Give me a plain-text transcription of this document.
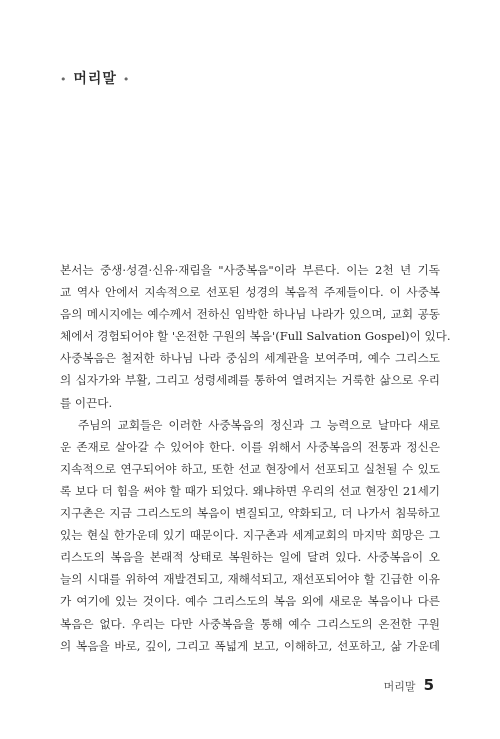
• 머리말 •
본서는 중생·성결·신유·재림을 "사중복음"이라 부른다. 이는 2천 년 기독
교 역사 안에서 지속적으로 선포된 성경의 복음적 주제들이다. 이 사중복
음의 메시지에는 예수께서 전하신 임박한 하나님 나라가 있으며, 교회 공동
체에서 경험되어야 할 '온전한 구원의 복음'(Full Salvation Gospel)이 있다.
사중복음은 철저한 하나님 나라 중심의 세계관을 보여주며, 예수 그리스도
의 십자가와 부활, 그리고 성령세례를 통하여 열려지는 거룩한 삶으로 우리
를 이끈다.
주님의 교회들은 이러한 사중복음의 정신과 그 능력으로 날마다 새로
운 존재로 살아갈 수 있어야 한다. 이를 위해서 사중복음의 전통과 정신은
지속적으로 연구되어야 하고, 또한 선교 현장에서 선포되고 실천될 수 있도
록 보다 더 힘을 써야 할 때가 되었다. 왜냐하면 우리의 선교 현장인 21세기
지구촌은 지금 그리스도의 복음이 변질되고, 약화되고, 더 나가서 침묵하고
있는 현실 한가운데 있기 때문이다. 지구촌과 세계교회의 마지막 희망은 그
리스도의 복음을 본래적 상태로 복원하는 일에 달려 있다. 사중복음이 오
늘의 시대를 위하여 재발견되고, 재해석되고, 재선포되어야 할 긴급한 이유
가 여기에 있는 것이다. 예수 그리스도의 복음 외에 새로운 복음이나 다른
복음은 없다. 우리는 다만 사중복음을 통해 예수 그리스도의 온전한 구원
의 복음을 바로, 깊이, 그리고 폭넓게 보고, 이해하고, 선포하고, 삶 가운데
머리말 5
